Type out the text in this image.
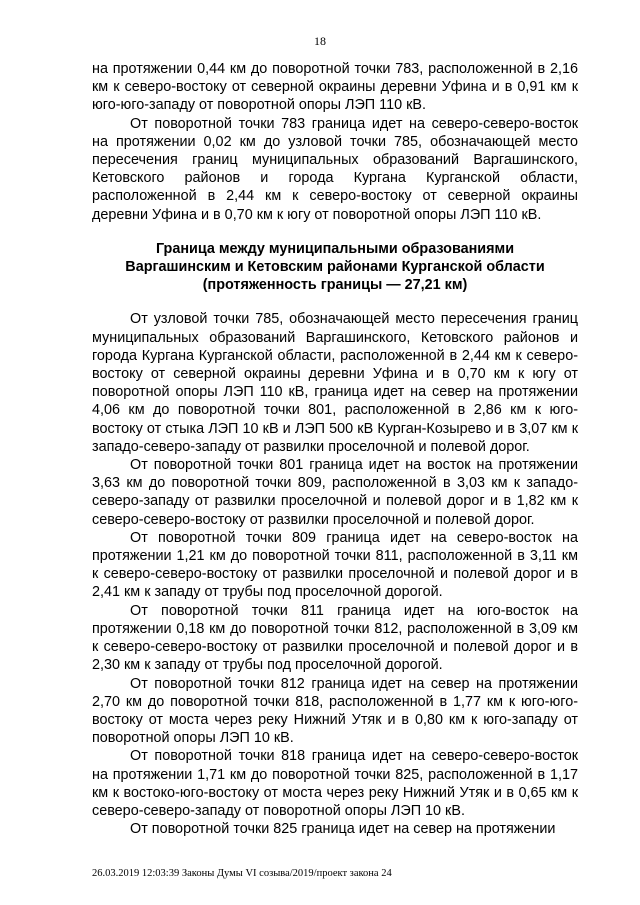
18

на протяжении 0,44 км до поворотной точки 783, расположенной в 2,16 км к северо-востоку от северной окраины деревни Уфина и в 0,91 км к юго-юго-западу от поворотной опоры ЛЭП 110 кВ.

От поворотной точки 783 граница идет на северо-северо-восток на протяжении 0,02 км до узловой точки 785, обозначающей место пересечения границ муниципальных образований Варгашинского, Кетовского районов и города Кургана Курганской области, расположенной в 2,44 км к северо-востоку от северной окраины деревни Уфина и в 0,70 км к югу от поворотной опоры ЛЭП 110 кВ.

Граница между муниципальными образованиями
Варгашинским и Кетовским районами Курганской области
(протяженность границы — 27,21 км)

От узловой точки 785, обозначающей место пересечения границ муниципальных образований Варгашинского, Кетовского районов и города Кургана Курганской области, расположенной в 2,44 км к северо-востоку от северной окраины деревни Уфина и в 0,70 км к югу от поворотной опоры ЛЭП 110 кВ, граница идет на север на протяжении 4,06 км до поворотной точки 801, расположенной в 2,86 км к юго-востоку от стыка ЛЭП 10 кВ и ЛЭП 500 кВ Курган-Козырево и в 3,07 км к западо-северо-западу от развилки проселочной и полевой дорог.

От поворотной точки 801 граница идет на восток на протяжении 3,63 км до поворотной точки 809, расположенной в 3,03 км к западо-северо-западу от развилки проселочной и полевой дорог и в 1,82 км к северо-северо-востоку от развилки проселочной и полевой дорог.

От поворотной точки 809 граница идет на северо-восток на протяжении 1,21 км до поворотной точки 811, расположенной в 3,11 км к северо-северо-востоку от развилки проселочной и полевой дорог и в 2,41 км к западу от трубы под проселочной дорогой.

От поворотной точки 811 граница идет на юго-восток на протяжении 0,18 км до поворотной точки 812, расположенной в 3,09 км к северо-северо-востоку от развилки проселочной и полевой дорог и в 2,30 км к западу от трубы под проселочной дорогой.

От поворотной точки 812 граница идет на север на протяжении 2,70 км до поворотной точки 818, расположенной в 1,77 км к юго-юго-востоку от моста через реку Нижний Утяк и в 0,80 км к юго-западу от поворотной опоры ЛЭП 10 кВ.

От поворотной точки 818 граница идет на северо-северо-восток на протяжении 1,71 км до поворотной точки 825, расположенной в 1,17 км к востоко-юго-востоку от моста через реку Нижний Утяк и в 0,65 км к северо-северо-западу от поворотной опоры ЛЭП 10 кВ.

От поворотной точки 825 граница идет на север на протяжении

26.03.2019 12:03:39 Законы Думы VI созыва/2019/проект закона 24
